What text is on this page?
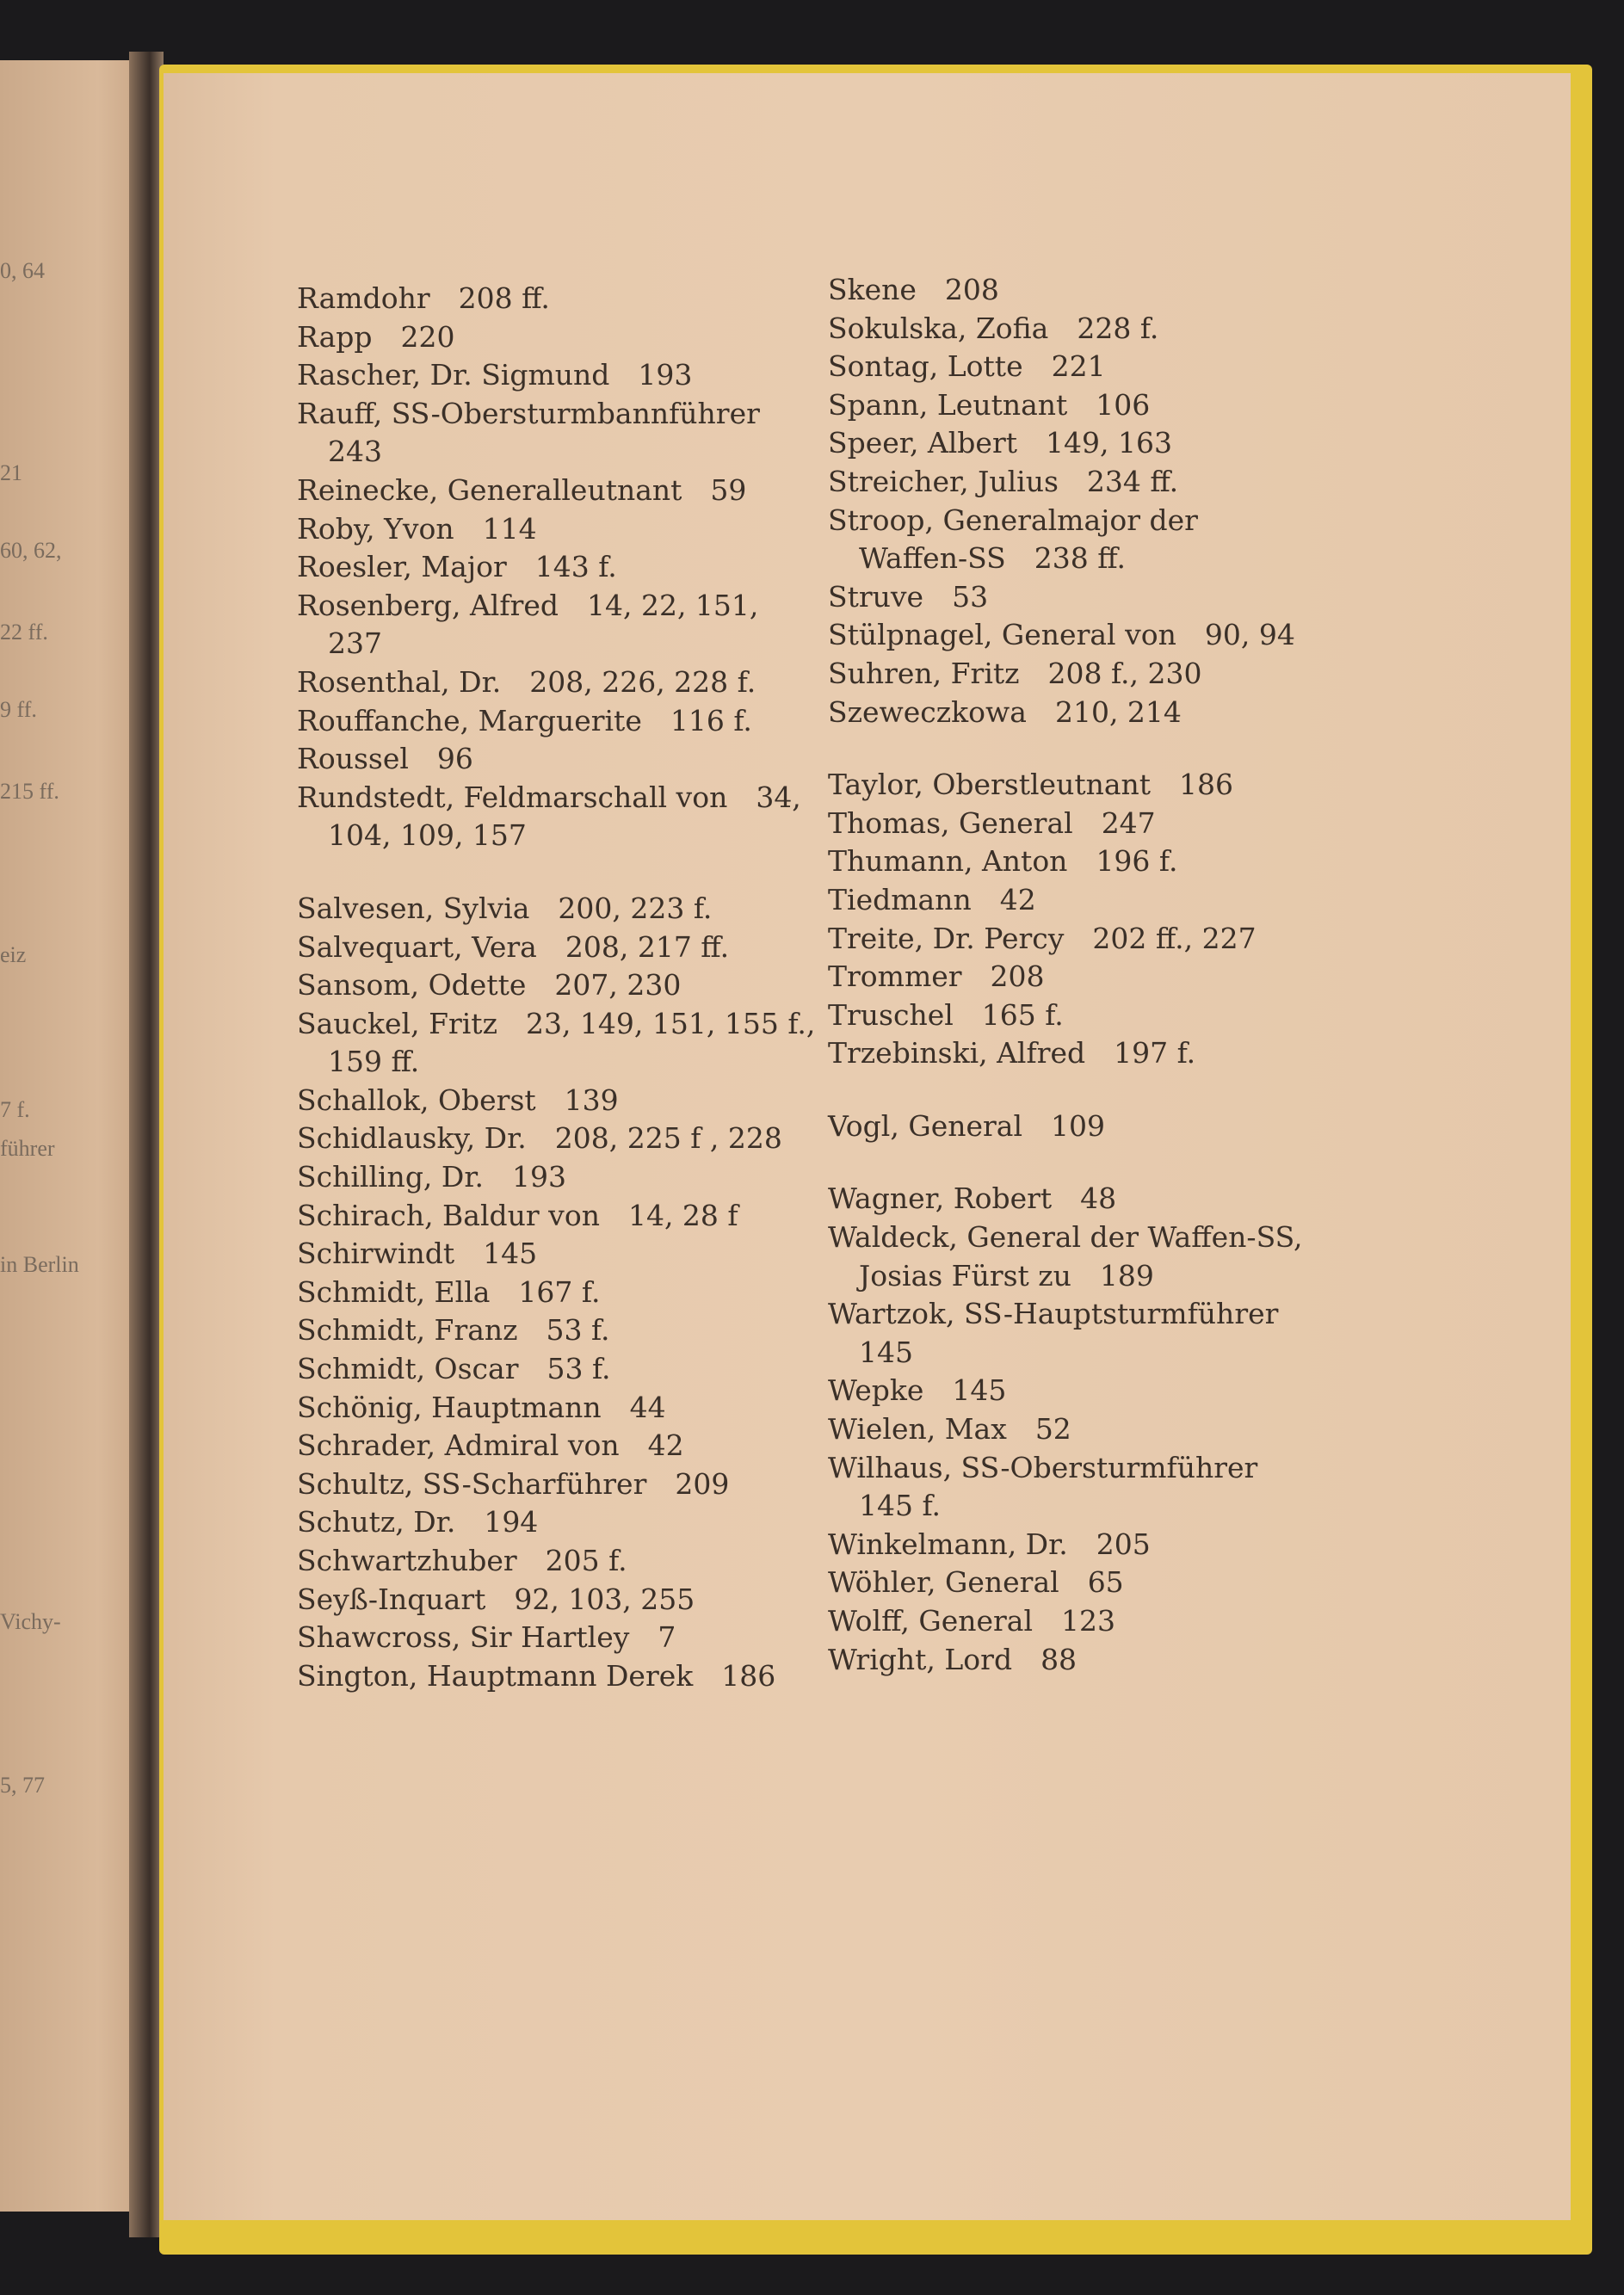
0, 64
21
60, 62,
22 ff.
9 ff.
215 ff.
eiz
7 f.
führer
in Berlin
Vichy-
5, 77
Ramdohr 208 ff.
Rapp 220
Rascher, Dr. Sigmund 193
Rauff, SS-Obersturmbannführer
243
Reinecke, Generalleutnant 59
Roby, Yvon 114
Roesler, Major 143 f.
Rosenberg, Alfred 14, 22, 151,
237
Rosenthal, Dr. 208, 226, 228 f.
Rouffanche, Marguerite 116 f.
Roussel 96
Rundstedt, Feldmarschall von 34,
104, 109, 157
Salvesen, Sylvia 200, 223 f.
Salvequart, Vera 208, 217 ff.
Sansom, Odette 207, 230
Sauckel, Fritz 23, 149, 151, 155 f.,
159 ff.
Schallok, Oberst 139
Schidlausky, Dr. 208, 225 f , 228
Schilling, Dr. 193
Schirach, Baldur von 14, 28 f
Schirwindt 145
Schmidt, Ella 167 f.
Schmidt, Franz 53 f.
Schmidt, Oscar 53 f.
Schönig, Hauptmann 44
Schrader, Admiral von 42
Schultz, SS-Scharführer 209
Schutz, Dr. 194
Schwartzhuber 205 f.
Seyß-Inquart 92, 103, 255
Shawcross, Sir Hartley 7
Sington, Hauptmann Derek 186
Skene 208
Sokulska, Zofia 228 f.
Sontag, Lotte 221
Spann, Leutnant 106
Speer, Albert 149, 163
Streicher, Julius 234 ff.
Stroop, Generalmajor der
Waffen-SS 238 ff.
Struve 53
Stülpnagel, General von 90, 94
Suhren, Fritz 208 f., 230
Szeweczkowa 210, 214
Taylor, Oberstleutnant 186
Thomas, General 247
Thumann, Anton 196 f.
Tiedmann 42
Treite, Dr. Percy 202 ff., 227
Trommer 208
Truschel 165 f.
Trzebinski, Alfred 197 f.
Vogl, General 109
Wagner, Robert 48
Waldeck, General der Waffen-SS,
Josias Fürst zu 189
Wartzok, SS-Hauptsturmführer
145
Wepke 145
Wielen, Max 52
Wilhaus, SS-Obersturmführer
145 f.
Winkelmann, Dr. 205
Wöhler, General 65
Wolff, General 123
Wright, Lord 88
